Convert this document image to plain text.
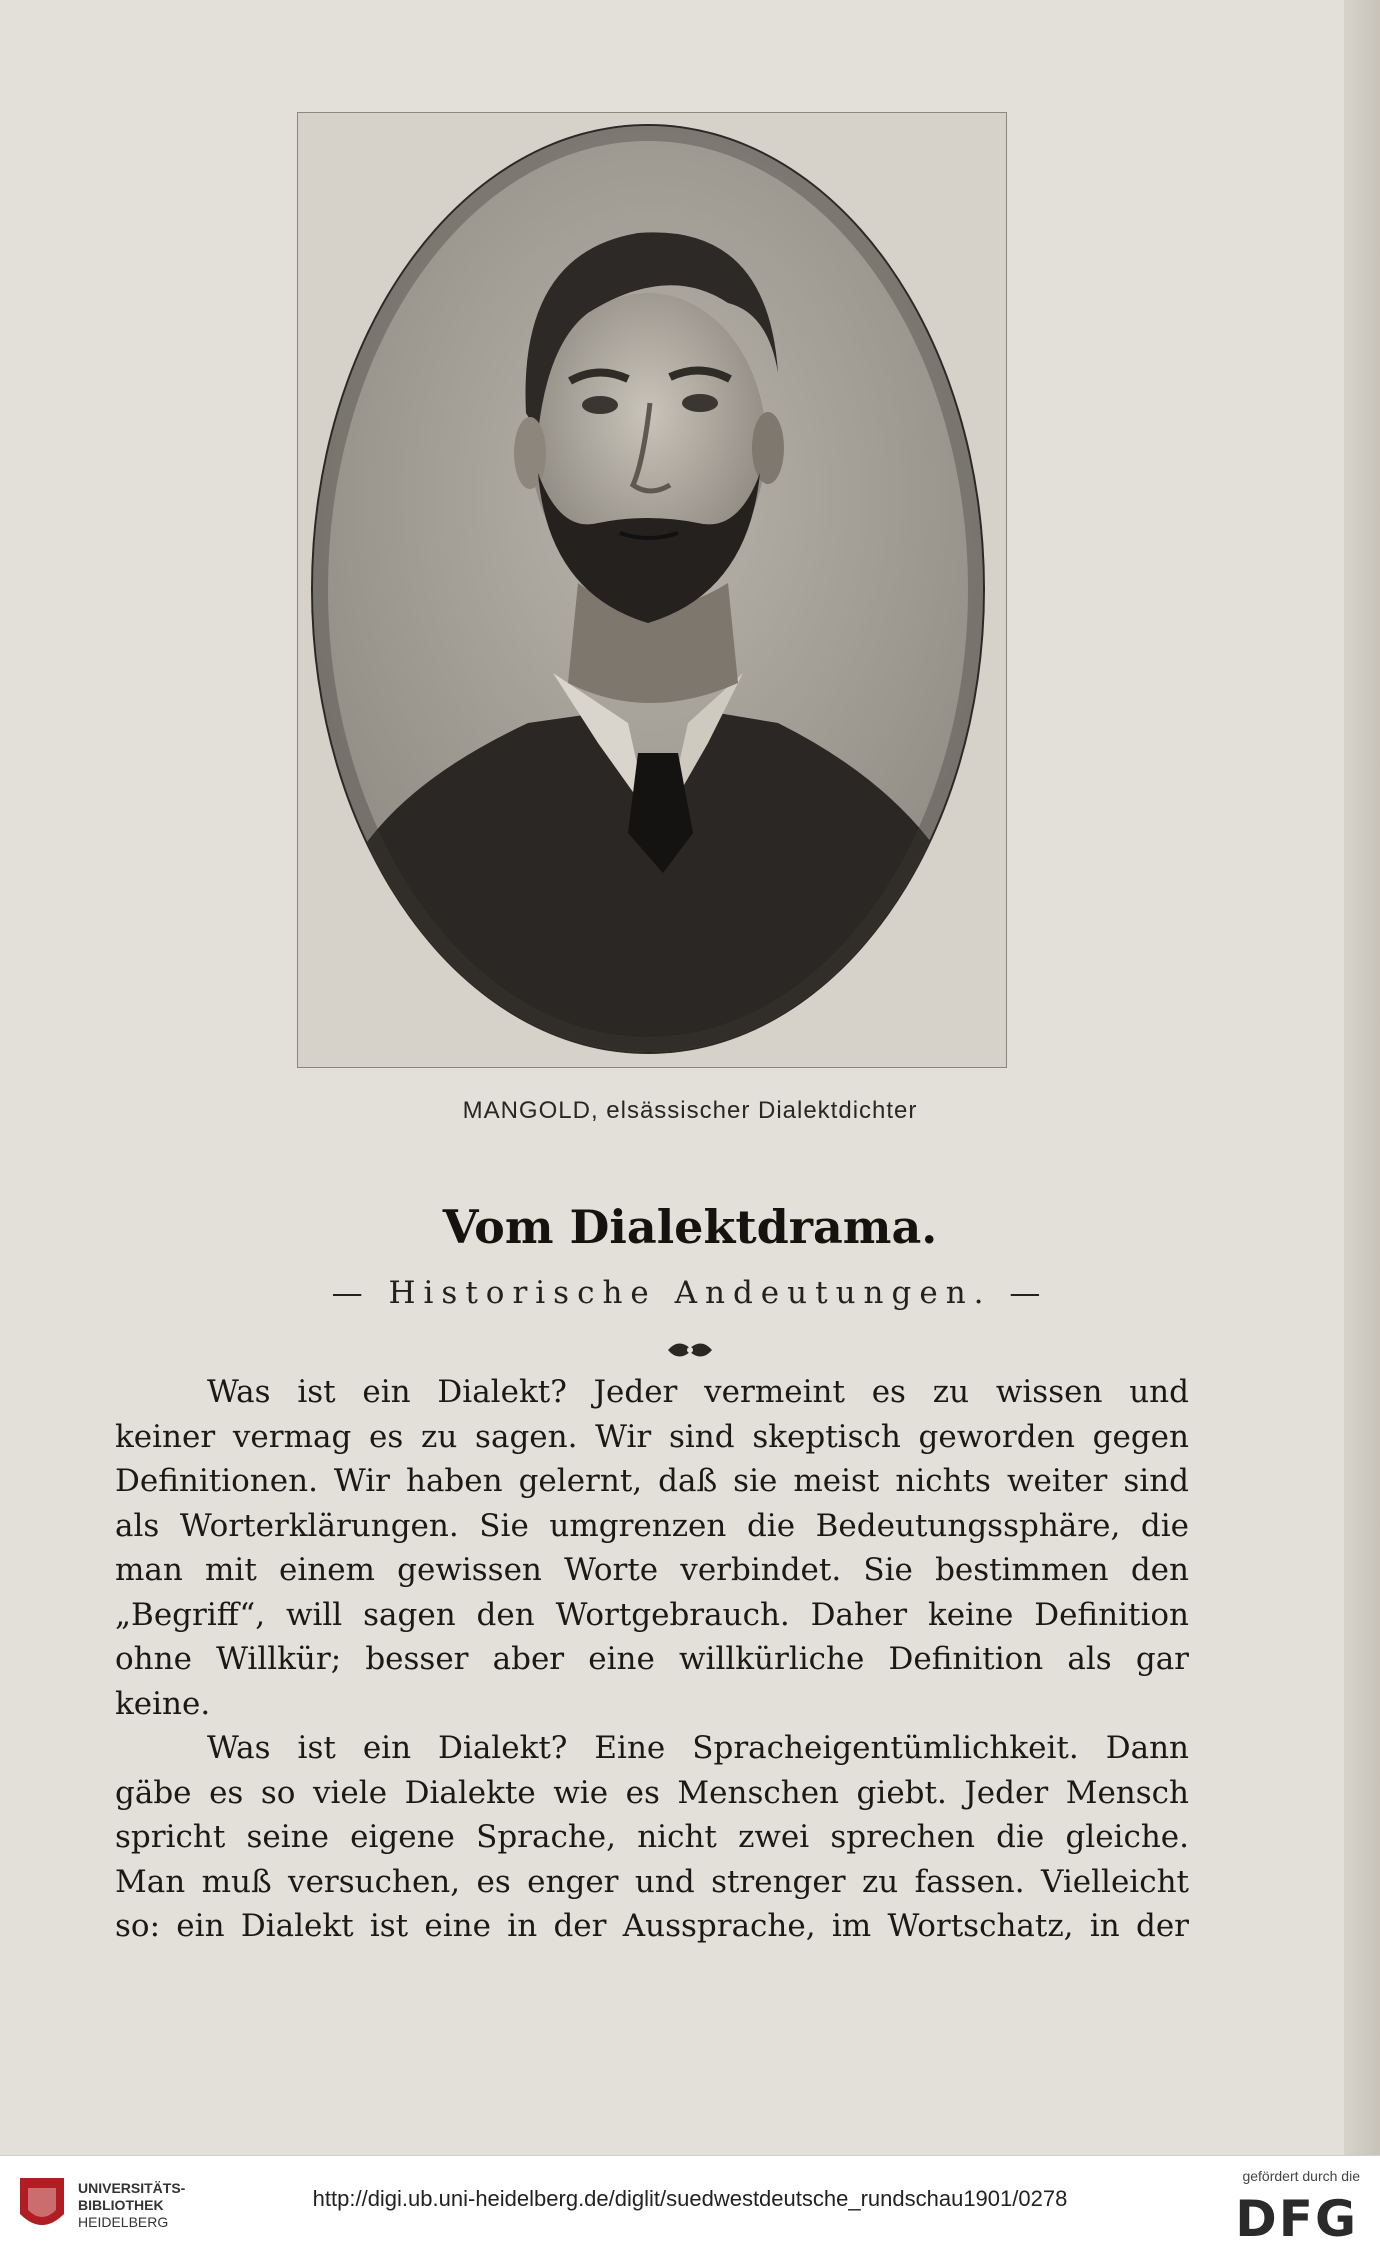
MANGOLD, elsässischer Dialektdichter
Vom Dialektdrama.
— Historische Andeutungen. —
Was ist ein Dialekt? Jeder vermeint es zu wissen und
keiner vermag es zu sagen. Wir sind skeptisch geworden gegen
Definitionen. Wir haben gelernt, daß sie meist nichts weiter sind
als Worterklärungen. Sie umgrenzen die Bedeutungssphäre, die
man mit einem gewissen Worte verbindet. Sie bestimmen den
„Begriff“, will sagen den Wortgebrauch. Daher keine Definition
ohne Willkür; besser aber eine willkürliche Definition als gar
keine.
Was ist ein Dialekt? Eine Spracheigentümlichkeit. Dann
gäbe es so viele Dialekte wie es Menschen giebt. Jeder Mensch
spricht seine eigene Sprache, nicht zwei sprechen die gleiche.
Man muß versuchen, es enger und strenger zu fassen. Vielleicht
so: ein Dialekt ist eine in der Aussprache, im Wortschatz, in der
UNIVERSITÄTS-
BIBLIOTHEK
HEIDELBERG
http://digi.ub.uni-heidelberg.de/diglit/suedwestdeutsche_rundschau1901/0278
gefördert durch die
DFG
